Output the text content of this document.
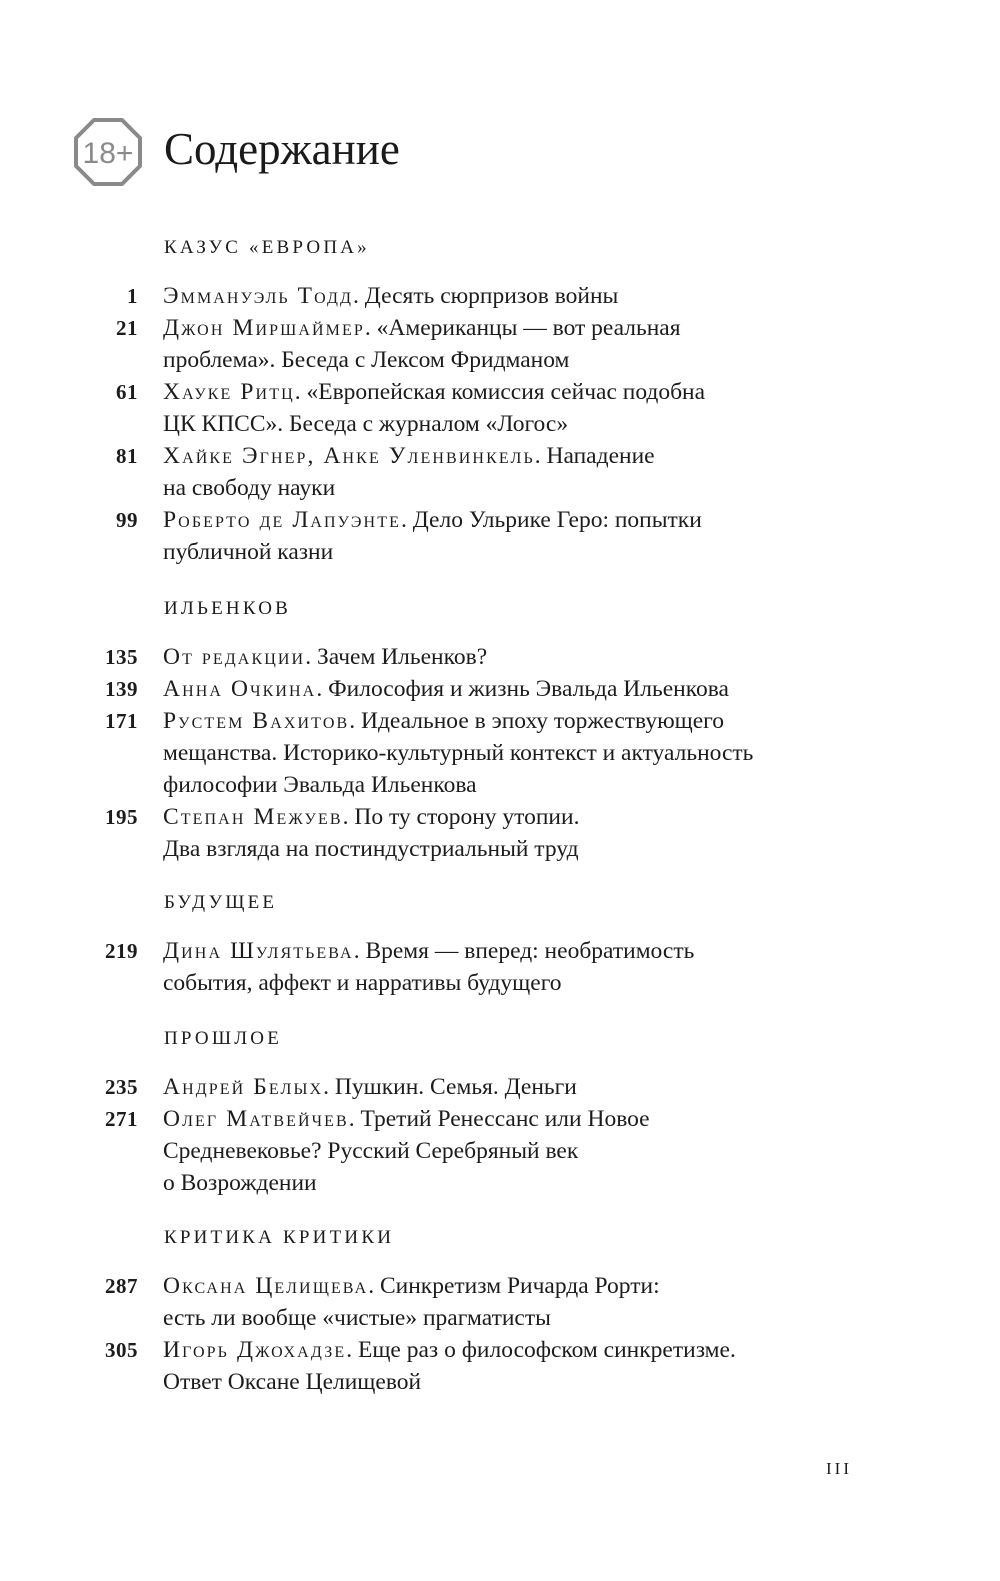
18+ Содержание
КАЗУС «ЕВРОПА»
1 Эммануэль Тодд. Десять сюрпризов войны
21 Джон Миршаймер. «Американцы — вот реальная
проблема». Беседа с Лексом Фридманом
61 Хауке Ритц. «Европейская комиссия сейчас подобна
ЦК КПСС». Беседа с журналом «Логос»
81 Хайке Эгнер, Анке Уленвинкель. Нападение
на свободу науки
99 Роберто де Лапуэнте. Дело Ульрике Геро: попытки
публичной казни
ИЛЬЕНКОВ
135 От редакции. Зачем Ильенков?
139 Анна Очкина. Философия и жизнь Эвальда Ильенкова
171 Рустем Вахитов. Идеальное в эпоху торжествующего
мещанства. Историко-культурный контекст и актуальность
философии Эвальда Ильенкова
195 Степан Межуев. По ту сторону утопии.
Два взгляда на постиндустриальный труд
БУДУЩЕЕ
219 Дина Шулятьева. Время — вперед: необратимость
события, аффект и нарративы будущего
ПРОШЛОЕ
235 Андрей Белых. Пушкин. Семья. Деньги
271 Олег Матвейчев. Третий Ренессанс или Новое
Средневековье? Русский Серебряный век
о Возрождении
КРИТИКА КРИТИКИ
287 Оксана Целищева. Синкретизм Ричарда Рорти:
есть ли вообще «чистые» прагматисты
305 Игорь Джохадзе. Еще раз о философском синкретизме.
Ответ Оксане Целищевой
III
